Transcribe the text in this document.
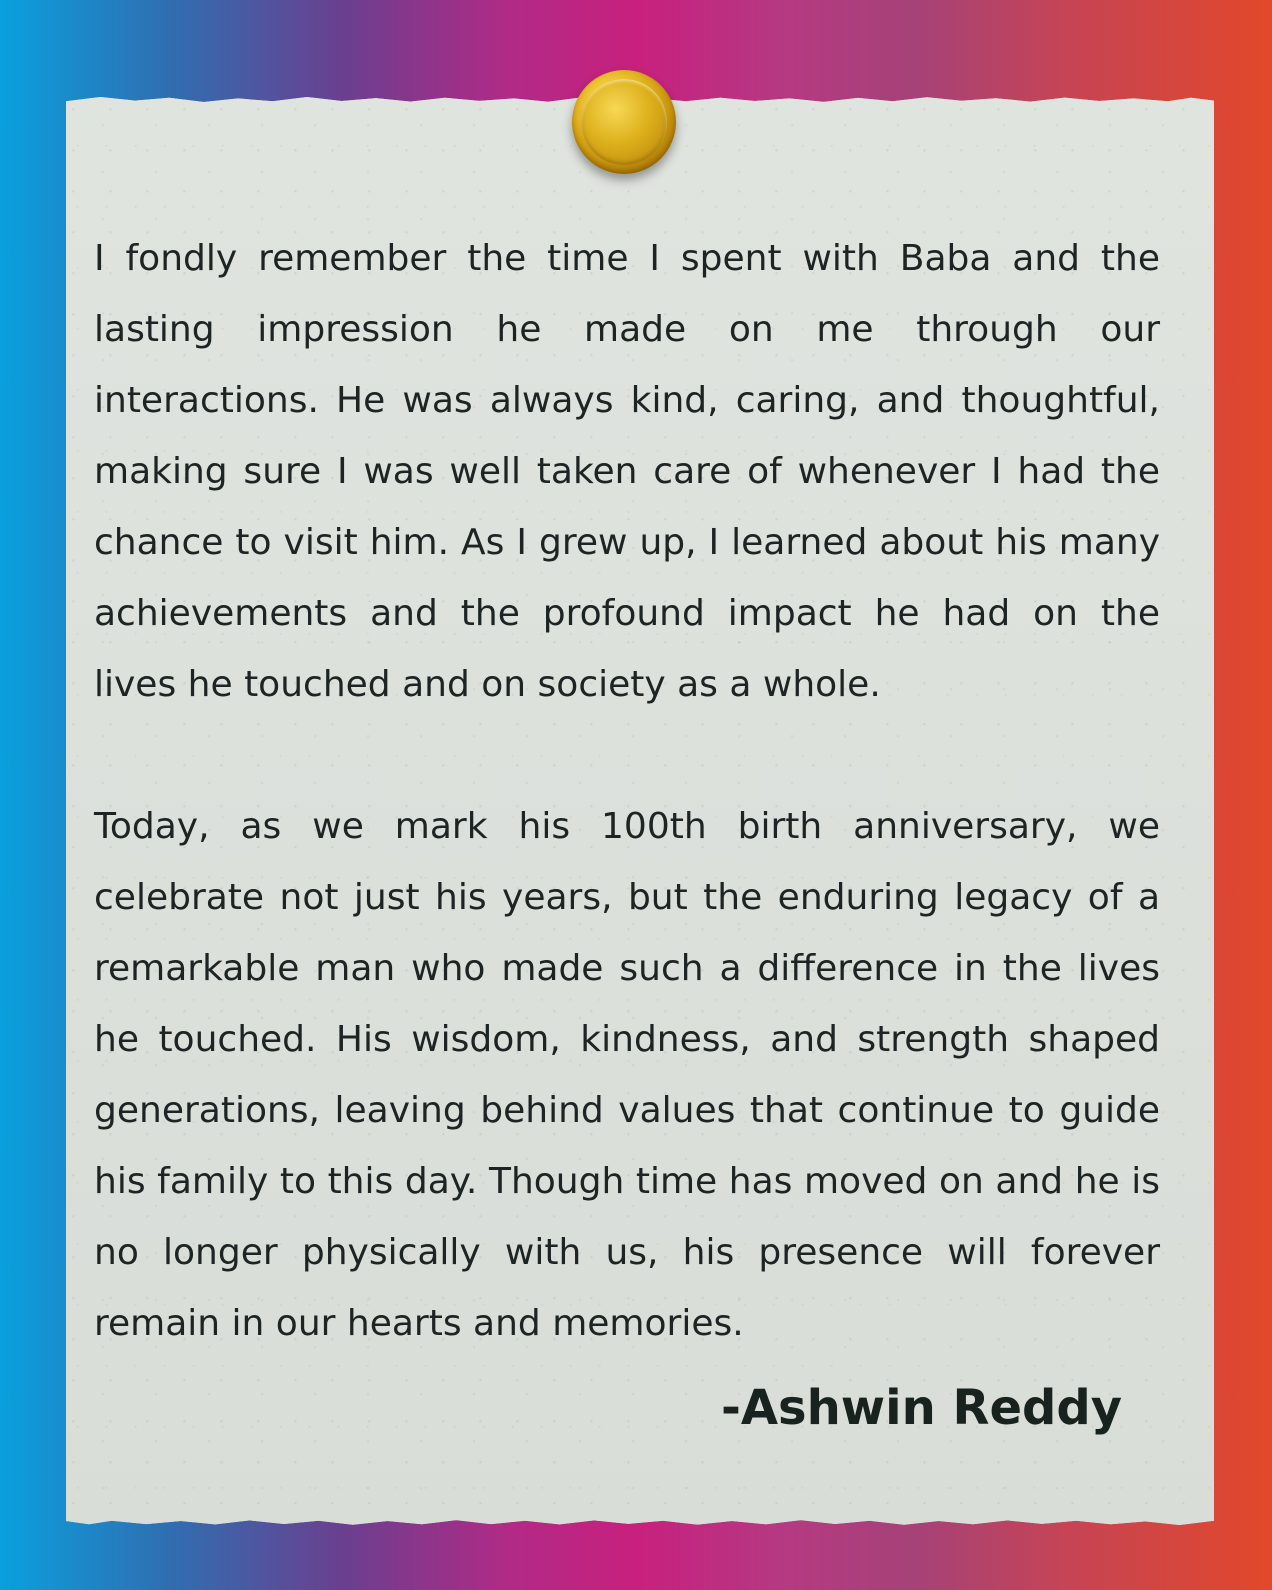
I fondly remember the time I spent with Baba and the lasting impression he made on me through our interactions. He was always kind, caring, and thoughtful, making sure I was well taken care of whenever I had the chance to visit him. As I grew up, I learned about his many achievements and the profound impact he had on the lives he touched and on society as a whole.

Today, as we mark his 100th birth anniversary, we celebrate not just his years, but the enduring legacy of a remarkable man who made such a difference in the lives he touched. His wisdom, kindness, and strength shaped generations, leaving behind values that continue to guide his family to this day. Though time has moved on and he is no longer physically with us, his presence will forever remain in our hearts and memories.

-Ashwin Reddy
